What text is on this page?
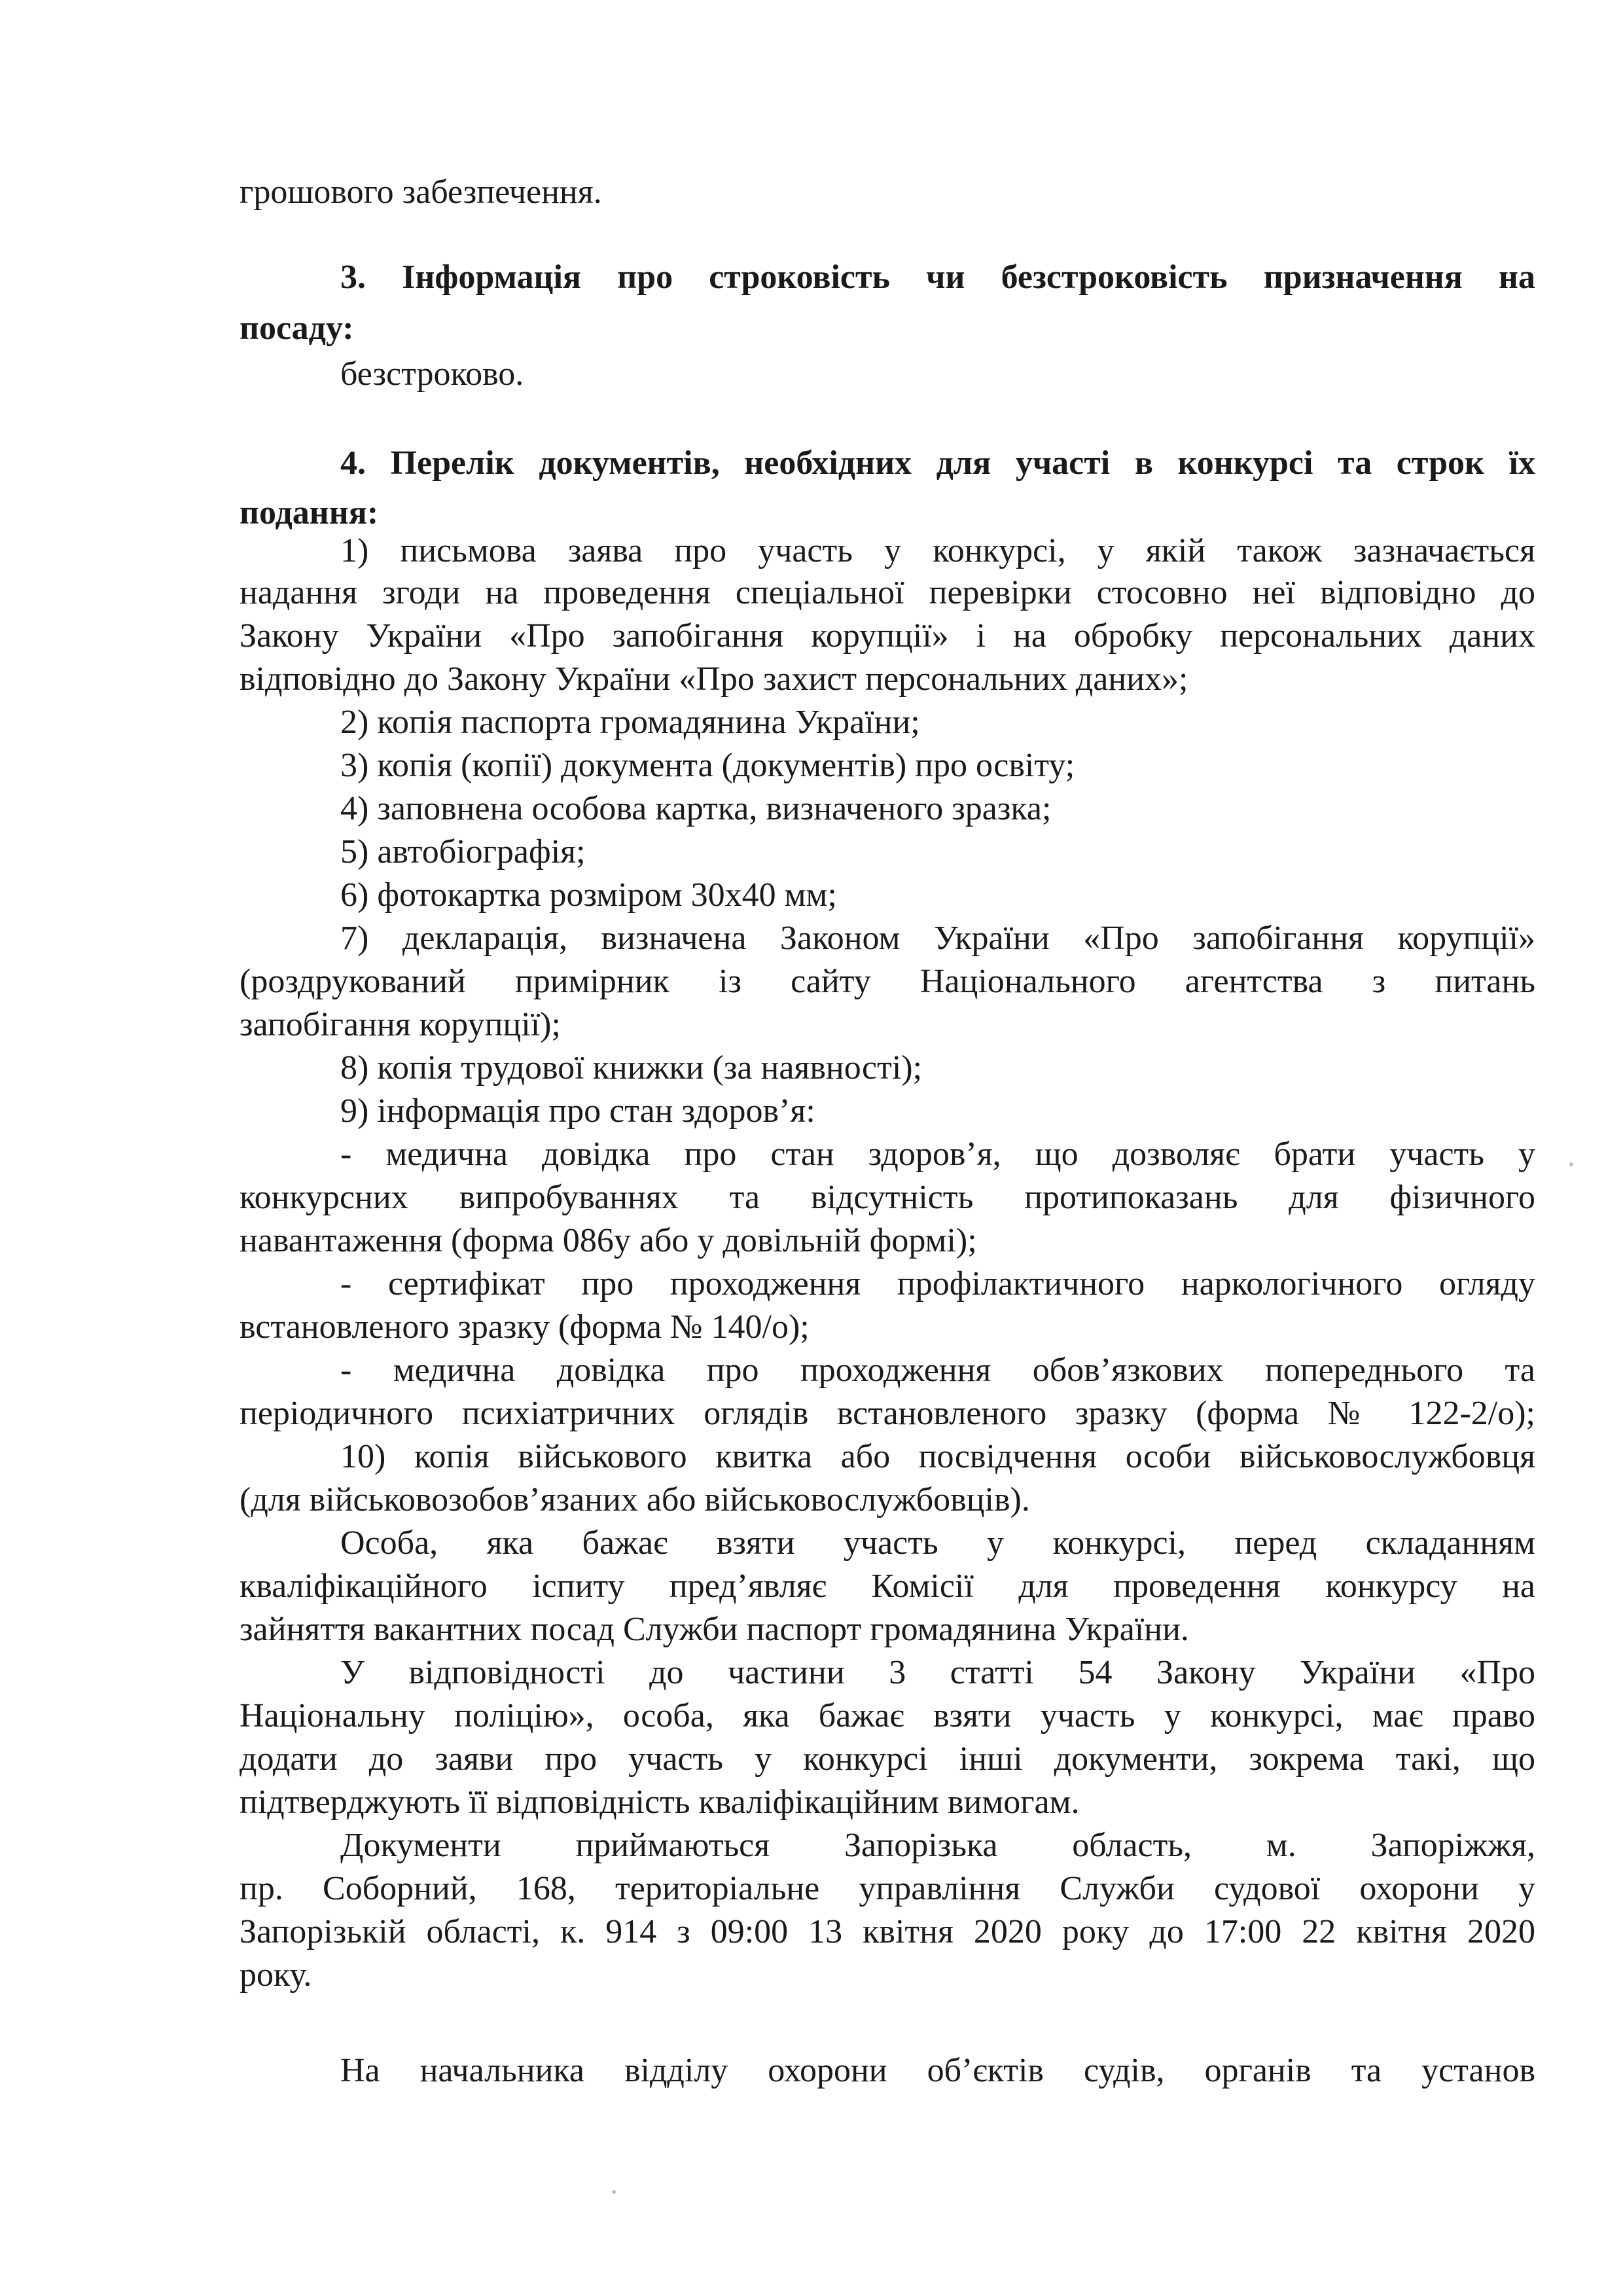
грошового забезпечення.
3. Інформація про строковість чи безстроковість призначення на
посаду:
безстроково.
4. Перелік документів, необхідних для участі в конкурсі та строк їх
подання:
1) письмова заява про участь у конкурсі, у якій також зазначається
надання згоди на проведення спеціальної перевірки стосовно неї відповідно до
Закону України «Про запобігання корупції» і на обробку персональних даних
відповідно до Закону України «Про захист персональних даних»;
2) копія паспорта громадянина України;
3) копія (копії) документа (документів) про освіту;
4) заповнена особова картка, визначеного зразка;
5) автобіографія;
6) фотокартка розміром 30х40 мм;
7) декларація, визначена Законом України «Про запобігання корупції»
(роздрукований примірник із сайту Національного агентства з питань
запобігання корупції);
8) копія трудової книжки (за наявності);
9) інформація про стан здоров’я:
- медична довідка про стан здоров’я, що дозволяє брати участь у
конкурсних випробуваннях та відсутність протипоказань для фізичного
навантаження (форма 086у або у довільній формі);
- сертифікат про проходження профілактичного наркологічного огляду
встановленого зразку (форма № 140/о);
- медична довідка про проходження обов’язкових попереднього та
періодичного психіатричних оглядів встановленого зразку (форма № 122-2/о);
10) копія військового квитка або посвідчення особи військовослужбовця
(для військовозобов’язаних або військовослужбовців).
Особа, яка бажає взяти участь у конкурсі, перед складанням
кваліфікаційного іспиту пред’являє Комісії для проведення конкурсу на
зайняття вакантних посад Служби паспорт громадянина України.
У відповідності до частини 3 статті 54 Закону України «Про
Національну поліцію», особа, яка бажає взяти участь у конкурсі, має право
додати до заяви про участь у конкурсі інші документи, зокрема такі, що
підтверджують її відповідність кваліфікаційним вимогам.
Документи приймаються Запорізька область, м. Запоріжжя,
пр. Соборний, 168, територіальне управління Служби судової охорони у
Запорізькій області, к. 914 з 09:00 13 квітня 2020 року до 17:00 22 квітня 2020
року.
На начальника відділу охорони об’єктів судів, органів та установ
